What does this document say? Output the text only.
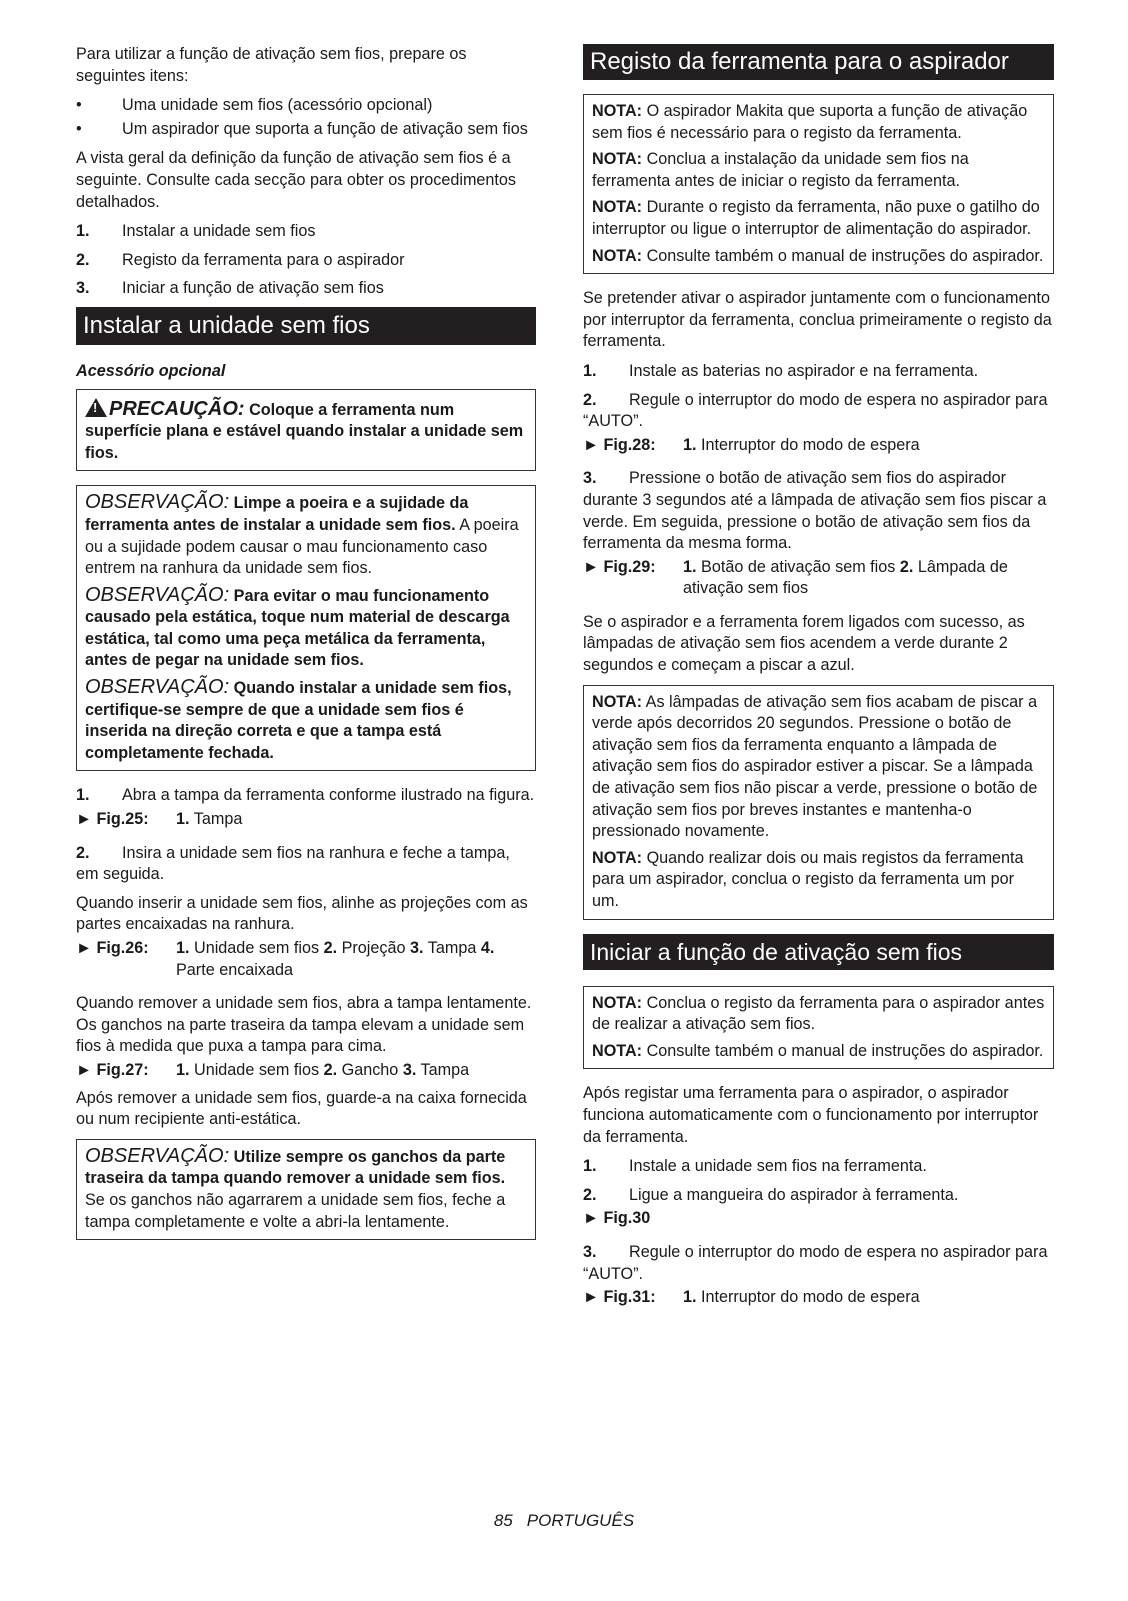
Para utilizar a função de ativação sem fios, prepare os seguintes itens:

•	Uma unidade sem fios (acessório opcional)
•	Um aspirador que suporta a função de ativação sem fios

A vista geral da definição da função de ativação sem fios é a seguinte. Consulte cada secção para obter os procedimentos detalhados.

1. Instalar a unidade sem fios
2. Registo da ferramenta para o aspirador
3. Iniciar a função de ativação sem fios
Instalar a unidade sem fios

Acessório opcional

!PRECAUÇÃO: Coloque a ferramenta num superfície plana e estável quando instalar a unidade sem fios.

OBSERVAÇÃO: Limpe a poeira e a sujidade da ferramenta antes de instalar a unidade sem fios. A poeira ou a sujidade podem causar o mau funcionamento caso entrem na ranhura da unidade sem fios.

OBSERVAÇÃO: Para evitar o mau funcionamento causado pela estática, toque num material de descarga estática, tal como uma peça metálica da ferramenta, antes de pegar na unidade sem fios.

OBSERVAÇÃO: Quando instalar a unidade sem fios, certifique-se sempre de que a unidade sem fios é inserida na direção correta e que a tampa está completamente fechada.

1. Abra a tampa da ferramenta conforme ilustrado na figura.
► Fig.25:	1. Tampa
2. Insira a unidade sem fios na ranhura e feche a tampa, em seguida.

Quando inserir a unidade sem fios, alinhe as projeções com as partes encaixadas na ranhura.

► Fig.26:	1. Unidade sem fios 2. Projeção 3. Tampa 4. Parte encaixada

Quando remover a unidade sem fios, abra a tampa lentamente. Os ganchos na parte traseira da tampa elevam a unidade sem fios à medida que puxa a tampa para cima.

► Fig.27:	1. Unidade sem fios 2. Gancho 3. Tampa

Após remover a unidade sem fios, guarde-a na caixa fornecida ou num recipiente anti-estática.

OBSERVAÇÃO: Utilize sempre os ganchos da parte traseira da tampa quando remover a unidade sem fios. Se os ganchos não agarrarem a unidade sem fios, feche a tampa completamente e volte a abri-la lentamente.

Registo da ferramenta para o aspirador

NOTA: O aspirador Makita que suporta a função de ativação sem fios é necessário para o registo da ferramenta.

NOTA: Conclua a instalação da unidade sem fios na ferramenta antes de iniciar o registo da ferramenta.

NOTA: Durante o registo da ferramenta, não puxe o gatilho do interruptor ou ligue o interruptor de alimentação do aspirador.

NOTA: Consulte também o manual de instruções do aspirador.

Se pretender ativar o aspirador juntamente com o funcionamento por interruptor da ferramenta, conclua primeiramente o registo da ferramenta.

1. Instale as baterias no aspirador e na ferramenta.
2. Regule o interruptor do modo de espera no aspirador para “AUTO”.
► Fig.28:	1. Interruptor do modo de espera
3. Pressione o botão de ativação sem fios do aspirador durante 3 segundos até a lâmpada de ativação sem fios piscar a verde. Em seguida, pressione o botão de ativação sem fios da ferramenta da mesma forma.
► Fig.29:	1. Botão de ativação sem fios 2. Lâmpada de ativação sem fios

Se o aspirador e a ferramenta forem ligados com sucesso, as lâmpadas de ativação sem fios acendem a verde durante 2 segundos e começam a piscar a azul.

NOTA: As lâmpadas de ativação sem fios acabam de piscar a verde após decorridos 20 segundos. Pressione o botão de ativação sem fios da ferramenta enquanto a lâmpada de ativação sem fios do aspirador estiver a piscar. Se a lâmpada de ativação sem fios não piscar a verde, pressione o botão de ativação sem fios por breves instantes e mantenha-o pressionado novamente.

NOTA: Quando realizar dois ou mais registos da ferramenta para um aspirador, conclua o registo da ferramenta um por um.

Iniciar a função de ativação sem fios

NOTA: Conclua o registo da ferramenta para o aspirador antes de realizar a ativação sem fios.

NOTA: Consulte também o manual de instruções do aspirador.

Após registar uma ferramenta para o aspirador, o aspirador funciona automaticamente com o funcionamento por interruptor da ferramenta.

1. Instale a unidade sem fios na ferramenta.
2. Ligue a mangueira do aspirador à ferramenta.
► Fig.30
3. Regule o interruptor do modo de espera no aspirador para “AUTO”.
► Fig.31:	1. Interruptor do modo de espera
85 PORTUGUÊS
